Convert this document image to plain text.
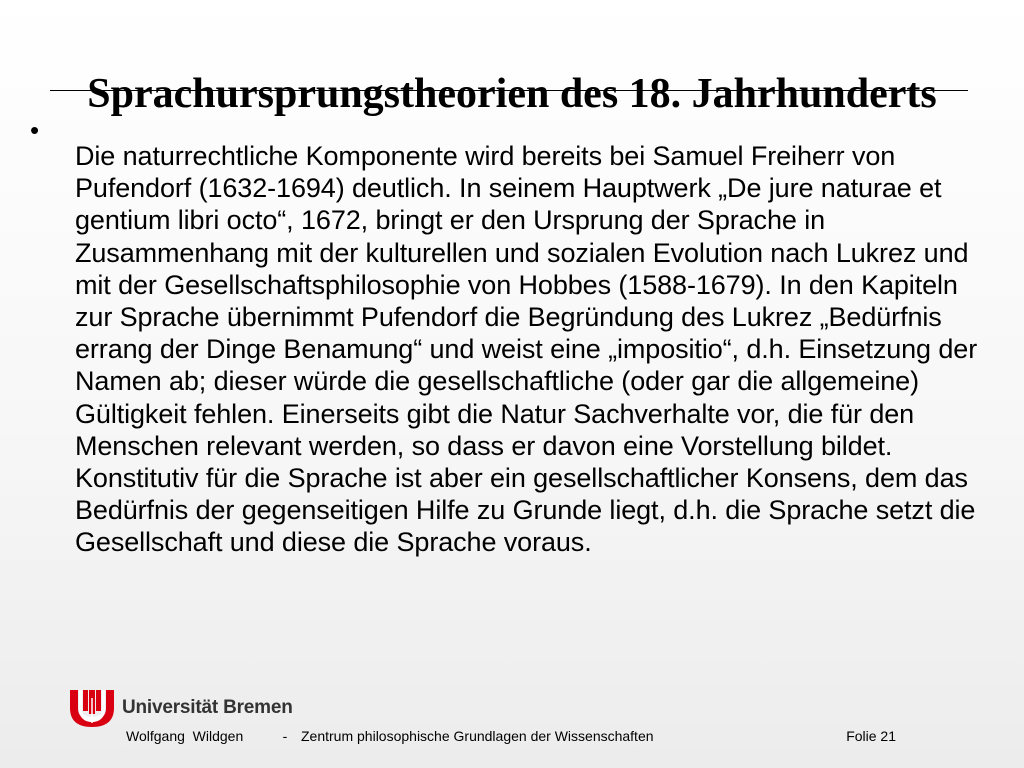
Sprachursprungstheorien des 18. Jahrhunderts
•

Die naturrechtliche Komponente wird bereits bei Samuel Freiherr von Pufendorf (1632-1694) deutlich. In seinem Hauptwerk „De jure naturae et gentium libri octo“, 1672, bringt er den Ursprung der Sprache in Zusammenhang mit der kulturellen und sozialen Evolution nach Lukrez und mit der Gesellschaftsphilosophie von Hobbes (1588-1679). In den Kapiteln zur Sprache übernimmt Pufendorf die Begründung des Lukrez „Bedürfnis errang der Dinge Benamung“ und weist eine „impositio“, d.h. Einsetzung der Namen ab; dieser würde die gesellschaftliche (oder gar die allgemeine) Gültigkeit fehlen. Einerseits gibt die Natur Sachverhalte vor, die für den Menschen relevant werden, so dass er davon eine Vorstellung bildet. Konstitutiv für die Sprache ist aber ein gesellschaftlicher Konsens, dem das Bedürfnis der gegenseitigen Hilfe zu Grunde liegt, d.h. die Sprache setzt die Gesellschaft und diese die Sprache voraus.

Universität Bremen
Wolfgang  Wildgen	- Zentrum philosophische Grundlagen der Wissenschaften	Folie 21
